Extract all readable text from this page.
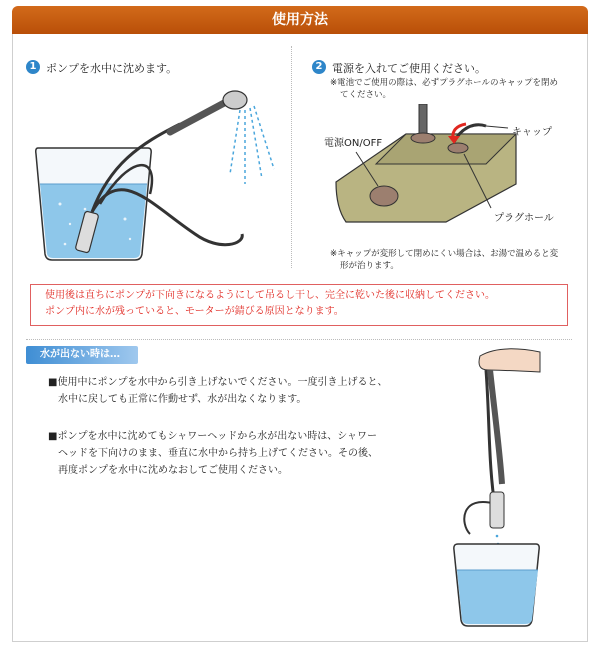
使用方法
1 ポンプを水中に沈めます。	2 電源を入れてご使用ください。
※電池でご使用の際は、必ずプラグホールのキャップを閉め
てください。
電源ON/OFF
キャップ
プラグホール
※キャップが変形して閉めにくい場合は、お湯で温めると変
形が治ります。
使用後は直ちにポンプが下向きになるようにして吊るし干し、完全に乾いた後に収納してください。
ポンプ内に水が残っていると、モーターが錆びる原因となります。
水が出ない時は…
■使用中にポンプを水中から引き上げないでください。一度引き上げると、
水中に戻しても正常に作動せず、水が出なくなります。
■ポンプを水中に沈めてもシャワーヘッドから水が出ない時は、シャワー
ヘッドを下向けのまま、垂直に水中から持ち上げてください。その後、
再度ポンプを水中に沈めなおしてご使用ください。
